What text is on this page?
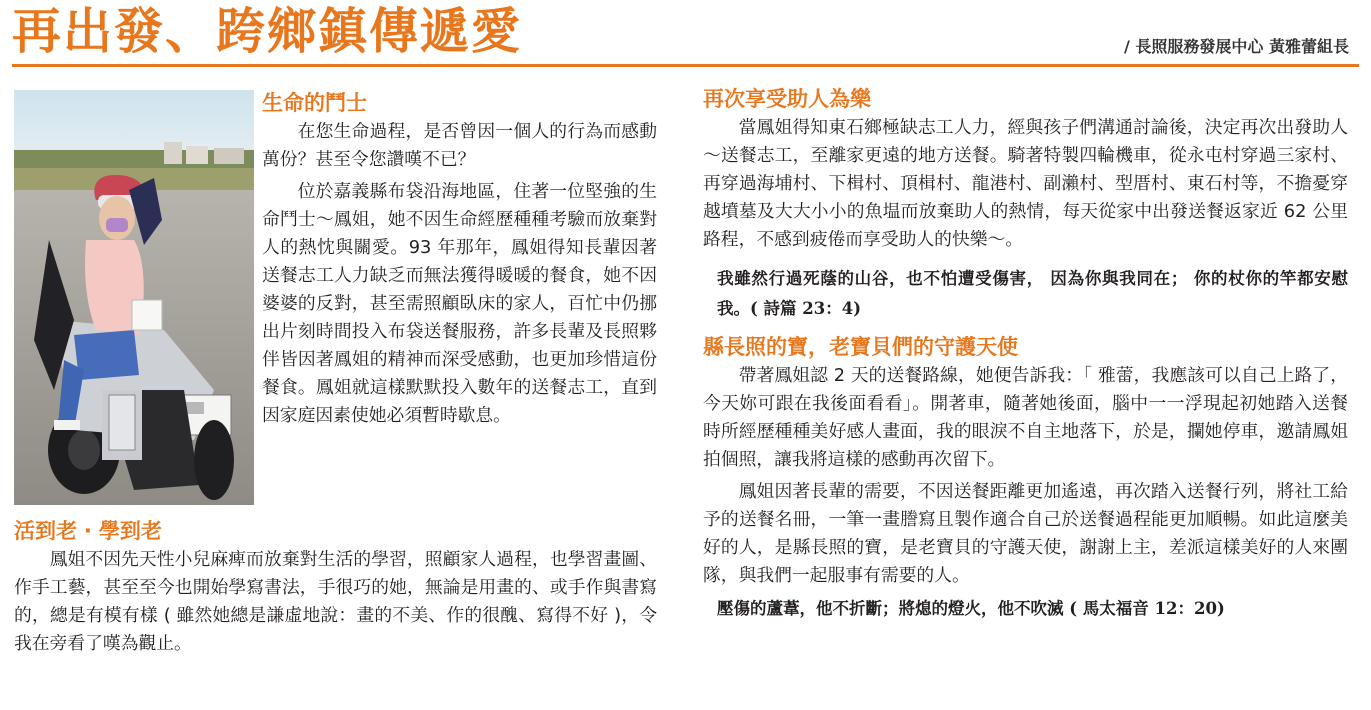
再出發、跨鄉鎮傳遞愛	/ 長照服務發展中心 黃雅蕾組長
生命的鬥士

在您生命過程，是否曾因一個人的行為而感動萬份？甚至令您讚嘆不已？

位於嘉義縣布袋沿海地區，住著一位堅強的生命鬥士～鳳姐，她不因生命經歷種種考驗而放棄對人的熱忱與關愛。93 年那年，鳳姐得知長輩因著送餐志工人力缺乏而無法獲得暖暖的餐食，她不因婆婆的反對，甚至需照顧臥床的家人，百忙中仍挪出片刻時間投入布袋送餐服務，許多長輩及長照夥伴皆因著鳳姐的精神而深受感動，也更加珍惜這份餐食。鳳姐就這樣默默投入數年的送餐志工，直到因家庭因素使她必須暫時歇息。

活到老 ‧ 學到老

鳳姐不因先天性小兒麻痺而放棄對生活的學習，照顧家人過程，也學習畫圖、作手工藝，甚至至今也開始學寫書法，手很巧的她，無論是用畫的、或手作與書寫的，總是有模有樣 ( 雖然她總是謙虛地說：畫的不美、作的很醜、寫得不好 )，令我在旁看了嘆為觀止。

再次享受助人為樂

當鳳姐得知東石鄉極缺志工人力，經與孩子們溝通討論後，決定再次出發助人～送餐志工，至離家更遠的地方送餐。騎著特製四輪機車，從永屯村穿過三家村、再穿過海埔村、下楫村、頂楫村、龍港村、副瀨村、型厝村、東石村等，不擔憂穿越墳墓及大大小小的魚塭而放棄助人的熱情，每天從家中出發送餐返家近 62 公里路程，不感到疲倦而享受助人的快樂～。

我雖然行過死蔭的山谷，也不怕遭受傷害， 因為你與我同在； 你的杖你的竿都安慰我。( 詩篇 23：4)

縣長照的寶，老寶貝們的守護天使

帶著鳳姐認 2 天的送餐路線，她便告訴我：「 雅蕾，我應該可以自己上路了，今天妳可跟在我後面看看」。開著車，隨著她後面，腦中一一浮現起初她踏入送餐時所經歷種種美好感人畫面，我的眼淚不自主地落下，於是，攔她停車，邀請鳳姐拍個照，讓我將這樣的感動再次留下。

鳳姐因著長輩的需要，不因送餐距離更加遙遠，再次踏入送餐行列，將社工給予的送餐名冊，一筆一畫謄寫且製作適合自己於送餐過程能更加順暢。如此這麼美好的人，是縣長照的寶，是老寶貝的守護天使，謝謝上主，差派這樣美好的人來團隊，與我們一起服事有需要的人。

壓傷的蘆葦，他不折斷；將熄的燈火，他不吹滅 ( 馬太福音 12：20)
